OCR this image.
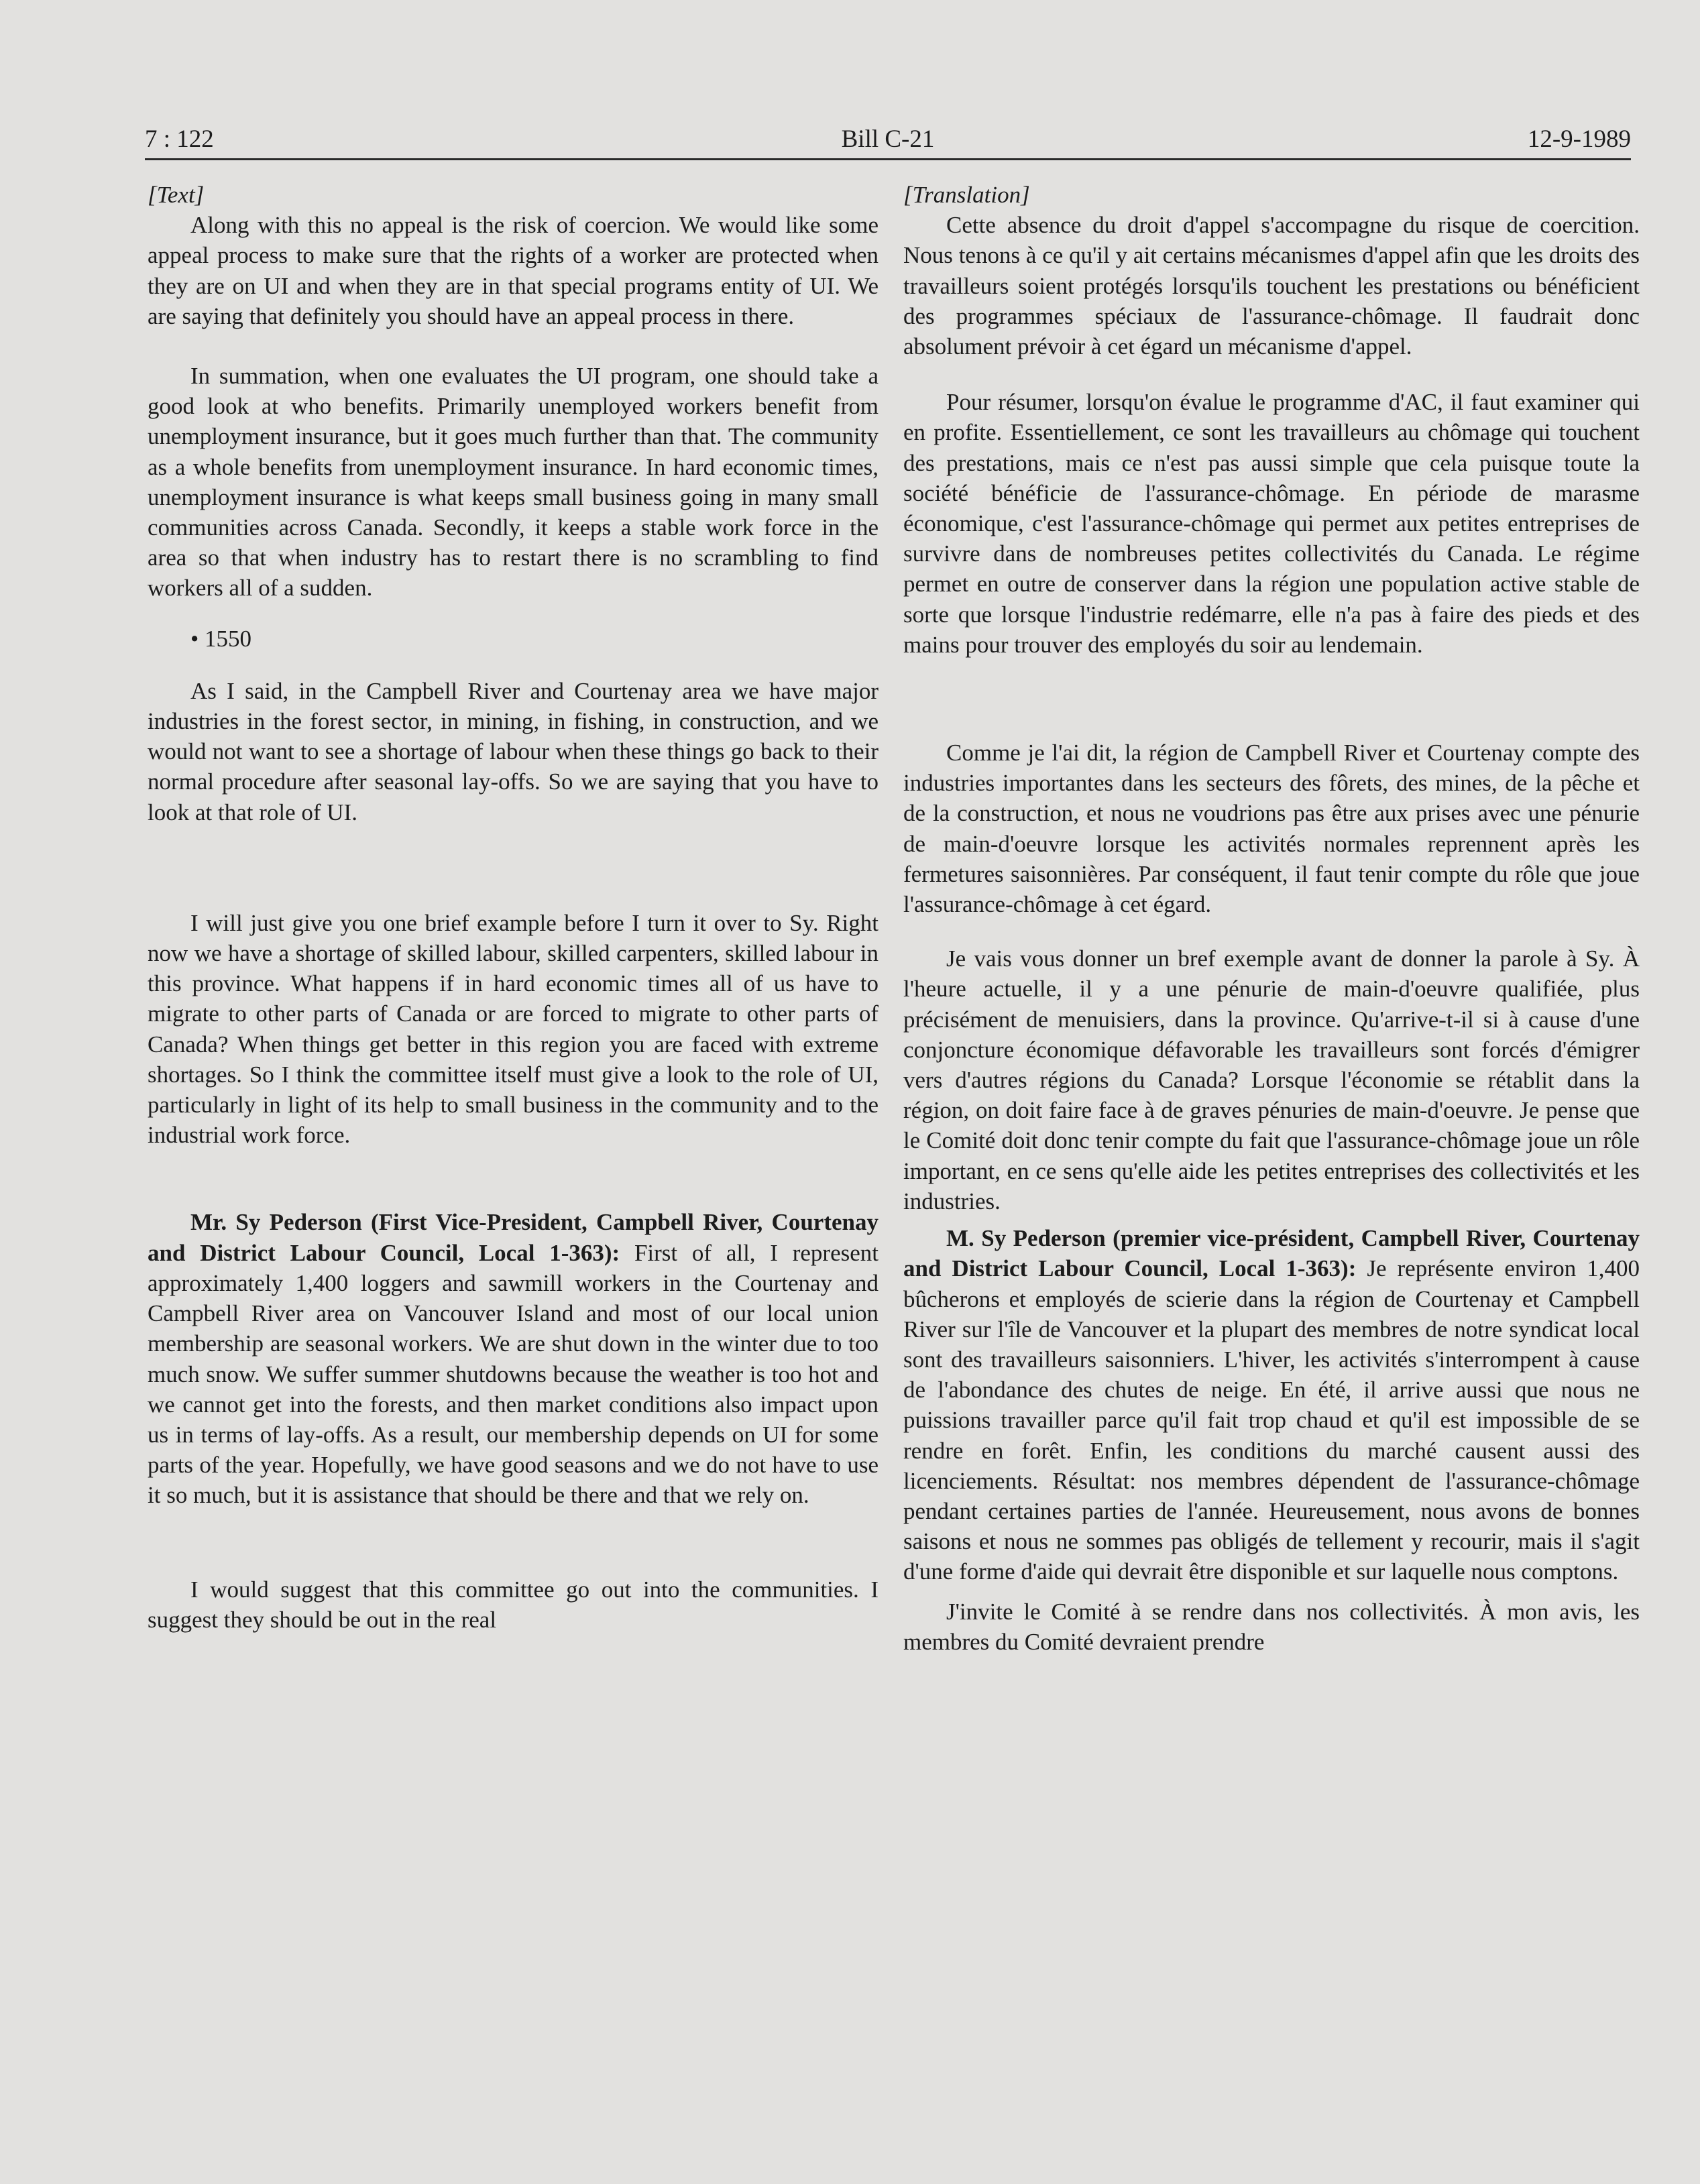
7 : 122	Bill C-21	12-9-1989

[Text]

Along with this no appeal is the risk of coercion. We would like some appeal process to make sure that the rights of a worker are protected when they are on UI and when they are in that special programs entity of UI. We are saying that definitely you should have an appeal process in there.

In summation, when one evaluates the UI program, one should take a good look at who benefits. Primarily unemployed workers benefit from unemployment insurance, but it goes much further than that. The community as a whole benefits from unemployment insurance. In hard economic times, unemployment insurance is what keeps small business going in many small communities across Canada. Secondly, it keeps a stable work force in the area so that when industry has to restart there is no scrambling to find workers all of a sudden.

• 1550

As I said, in the Campbell River and Courtenay area we have major industries in the forest sector, in mining, in fishing, in construction, and we would not want to see a shortage of labour when these things go back to their normal procedure after seasonal lay-offs. So we are saying that you have to look at that role of UI.

I will just give you one brief example before I turn it over to Sy. Right now we have a shortage of skilled labour, skilled carpenters, skilled labour in this province. What happens if in hard economic times all of us have to migrate to other parts of Canada or are forced to migrate to other parts of Canada? When things get better in this region you are faced with extreme shortages. So I think the committee itself must give a look to the role of UI, particularly in light of its help to small business in the community and to the industrial work force.

Mr. Sy Pederson (First Vice-President, Campbell River, Courtenay and District Labour Council, Local 1-363): First of all, I represent approximately 1,400 loggers and sawmill workers in the Courtenay and Campbell River area on Vancouver Island and most of our local union membership are seasonal workers. We are shut down in the winter due to too much snow. We suffer summer shutdowns because the weather is too hot and we cannot get into the forests, and then market conditions also impact upon us in terms of lay-offs. As a result, our membership depends on UI for some parts of the year. Hopefully, we have good seasons and we do not have to use it so much, but it is assistance that should be there and that we rely on.

I would suggest that this committee go out into the communities. I suggest they should be out in the real

[Translation]

Cette absence du droit d'appel s'accompagne du risque de coercition. Nous tenons à ce qu'il y ait certains mécanismes d'appel afin que les droits des travailleurs soient protégés lorsqu'ils touchent les prestations ou bénéficient des programmes spéciaux de l'assurance-chômage. Il faudrait donc absolument prévoir à cet égard un mécanisme d'appel.

Pour résumer, lorsqu'on évalue le programme d'AC, il faut examiner qui en profite. Essentiellement, ce sont les travailleurs au chômage qui touchent des prestations, mais ce n'est pas aussi simple que cela puisque toute la société bénéficie de l'assurance-chômage. En période de marasme économique, c'est l'assurance-chômage qui permet aux petites entreprises de survivre dans de nombreuses petites collectivités du Canada. Le régime permet en outre de conserver dans la région une population active stable de sorte que lorsque l'industrie redémarre, elle n'a pas à faire des pieds et des mains pour trouver des employés du soir au lendemain.

Comme je l'ai dit, la région de Campbell River et Courtenay compte des industries importantes dans les secteurs des fôrets, des mines, de la pêche et de la construction, et nous ne voudrions pas être aux prises avec une pénurie de main-d'oeuvre lorsque les activités normales reprennent après les fermetures saisonnières. Par conséquent, il faut tenir compte du rôle que joue l'assurance-chômage à cet égard.

Je vais vous donner un bref exemple avant de donner la parole à Sy. À l'heure actuelle, il y a une pénurie de main-d'oeuvre qualifiée, plus précisément de menuisiers, dans la province. Qu'arrive-t-il si à cause d'une conjoncture économique défavorable les travailleurs sont forcés d'émigrer vers d'autres régions du Canada? Lorsque l'économie se rétablit dans la région, on doit faire face à de graves pénuries de main-d'oeuvre. Je pense que le Comité doit donc tenir compte du fait que l'assurance-chômage joue un rôle important, en ce sens qu'elle aide les petites entreprises des collectivités et les industries.

M. Sy Pederson (premier vice-président, Campbell River, Courtenay and District Labour Council, Local 1-363): Je représente environ 1,400 bûcherons et employés de scierie dans la région de Courtenay et Campbell River sur l'île de Vancouver et la plupart des membres de notre syndicat local sont des travailleurs saisonniers. L'hiver, les activités s'interrompent à cause de l'abondance des chutes de neige. En été, il arrive aussi que nous ne puissions travailler parce qu'il fait trop chaud et qu'il est impossible de se rendre en forêt. Enfin, les conditions du marché causent aussi des licenciements. Résultat: nos membres dépendent de l'assurance-chômage pendant certaines parties de l'année. Heureusement, nous avons de bonnes saisons et nous ne sommes pas obligés de tellement y recourir, mais il s'agit d'une forme d'aide qui devrait être disponible et sur laquelle nous comptons.

J'invite le Comité à se rendre dans nos collectivités. À mon avis, les membres du Comité devraient prendre
